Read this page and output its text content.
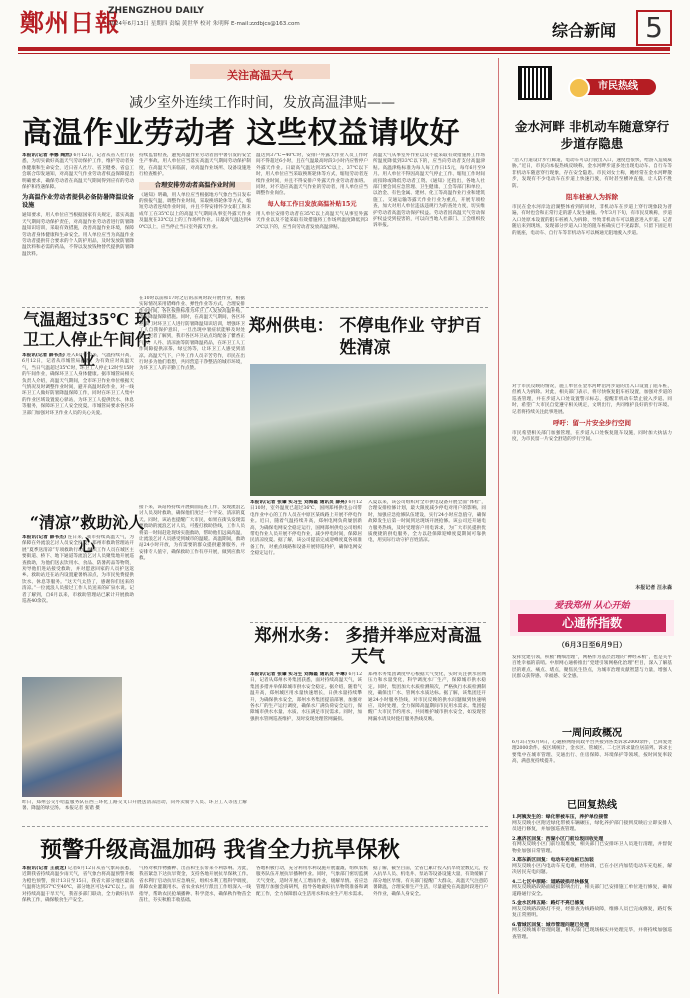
鄭州日報
ZHENGZHOU DAILY
2024年6月13日 星期四 责编 黄世华 校对 朱明辉 E-mail:zzdbjcs@163.com	综合新闻 5
关注高温天气
减少室外连续工作时间，发放高温津贴——
高温作业劳动者 这些权益请收好
本报讯(记者 李娜 陶然) 6月12日，记者从省人社厅获悉，为切实做好高温天气劳动保护工作，维护劳动者身体健康和生命安全，近日省人社厅、省卫健委、省总工会联合印发通知，对高温天气作业劳动者权益保障提出明确要求，确保劳动者在高温天气期间得到应有的劳动保护和待遇保障。
为高温作业劳动者提供必备防暑降温设备设施
通知要求，用人单位应当根据国家有关规定，落实高温天气期间劳动保护责任，对高温作业劳动者进行防暑降温知识培训，采取有效措施，改善高温作业环境，保障劳动者身体健康和生命安全。用人单位应当为高温作业劳动者提供符合要求的个人防护用品，及时发放防暑降温饮料和必需的药品，不得以发放钱物替代提供防暑降温饮料。
持续监督检查，避免高温作业劳动者因中暑引发的安全生产事故。用人单位应当落实高温天气期间劳动保护制度，在高温天气来临前，对高温作业场所、设备设施进行检查维护。
合理安排劳动者高温作业时间
《通知》明确，用人单位应当根据地方气象台当日发布的预报气温，调整作业时间，采取换班轮休等方式，缩短劳动者连续作业时间，并且不得安排怀孕女职工和未成年工在35℃以上的高温天气期间从事室外露天作业及温度在33℃以上的工作场所作业。日最高气温达到40℃以上，应当停止当日室外露天作业。
温达到37℃~40℃时，安排户外露天作业人员工作时间不得超过6小时，且在气温最高时段3小时内应暂停户外露天作业。日最高气温达到35℃以上、37℃以下时，用人单位应当采取换班轮休等方式，缩短劳动者连续作业时间，并且不得安排户外露天作业劳动者加班。同时，对不适应高温天气作业的劳动者，用人单位应当调整作业岗位。
每人每工作日发放高温补贴15元
用人单位安排劳动者在35℃以上高温天气从事室外露天作业以及不能采取有效措施将工作场所温度降低到33℃以下的，应当向劳动者发放高温津贴。
高温天气从事室外作业以及不能采取有效措施将工作场所温度降低到33℃以下的，应当向劳动者支付高温津贴。高温津贴标准为每人每工作日15元，每年6月至9月。用人单位不得因高温天气停止工作、缩短工作时间而扣除或降低劳动者工资。《通知》还指出，各地人社部门要会同应急管理、卫生健康、工会等部门和单位，以冶金、有色金属、建材、化工等高温作业行业和建筑施工、交通运输等露天作业行业为重点，开展专项检查，加大对用人单位违法违规行为的查处力度，切实维护劳动者高温劳动保护权益。劳动者因高温天气劳动保护权益受到侵害的，可以向当地人社部门、工会组织投诉举报。
气温超过35℃ 环卫工人停止午间作业
本报讯(记者 薛书杰) 进入6月份以来，气温持续升高，6月12日，记者从市城管局获悉，为有效应对高温天气，当日气温超过35℃时，环卫工人停止12时至15时的午间作业，确保环卫工人身体健康。据市城管局相关负责人介绍，高温天气期间，全市环卫作业单位根据天气情况及时调整作业时间，避开高温时段作业，对一线环卫工人做好防暑降温保障工作，同时在环卫工人集中的作业区域设置爱心驿站，为环卫工人提供饮水、休息等服务，保障环卫工人安全度夏。市城管局要求各区环卫部门加强对环卫作业人员的关心关爱。
在10时以前和17时之后的凉爽时段开展作业，根据实际情况采用错峰作业、弹性作业等方式，合理安排作业时间，各区按照标准为环卫工人发放高温补贴，落实降温保障措施。同时，在高温天气期间，各区环卫部门对环卫工人进行防暑降温知识培训，增强环卫工人自我保护意识，一旦出现中暑症状能够及时处置。记者了解到，我市各区环卫站点均配备了藿香正气水、人丹、清凉油等防暑降温药品，在环卫工人工作间隙提供凉茶、绿豆汤等，让环卫工人感受到清凉。高温天气下，户外工作人员辛苦劳作，市民在出行时多为他们着想，共同营造干净整洁的城市环境，为环卫工人的辛勤工作点赞。
“清凉”救助沁人心
本报讯(记者 薛书杰) 连日来，我市持续高温天气，为保障在外流浪乞讨人员安全度夏，郑州市救助管理站开展“夏季送清凉”专项救助行动，组织工作人员在城区主要街道、桥下、地下通道等流浪乞讨人员聚集地开展巡查救助，为他们送去饮用水、食品、防暑药品等物资，劝导他们进站接受救助，并对愿意回家的人员护送返乡。救助站还在站内设置避暑纳凉点，为市民免费提供饮水、休息等服务。“这天气太热了，感谢你们送来的清凉。”一位流浪人员接过工作人员送来的矿泉水说。记者了解到，自6月以来，市救助管理站已累计开展救助巡查40余次。
接下来，该站将持续开展街面巡查工作，发现流浪乞讨人员及时救助，确保他们度过一个平安、清凉的夏天。同时，该站也提醒广大市民，如果在街头发现需要救助的流浪乞讨人员，可拨打救助热线，工作人员将第一时间赶赴现场实施救助，帮助他们远离高温，让流浪乞讨人员感受到城市的温暖。高温期间，救助站24小时开放，为有需要的群众提供避暑服务，并安排专人值守，确保救助工作有序开展，做到应救尽救。
昨日，郑州公交小哈蓝服务队在西三环化工路交叉口开展送清凉活动，向外卖骑手人员、环卫工人等送上解暑、降温的绿豆汤。 本报记者 张锴 摄
郑州供电： 不停电作业 守护百姓清凉
本报讯(记者 张肇 实习生 刘海霞 通讯员 薛亮) 6月12日10时，室外温度已超过36℃，国网郑州供电公司带电作业中心的工作人员在中原区某线路上开展不停电作业。近日，随着气温持续升高，郑州电网负荷屡创新高，为确保电网安全稳定运行，国网郑州供电公司组织带电作业人员开展不停电作业，减少停电时间，保障居民清凉度夏。据了解，该公司提前完成迎峰度夏各项准备工作，对重点线路和设备开展特巡特护，确保电网安全稳定运行。
入夏以来，该公司组织对全市供电设备开展全面“体检”，合理安排检修计划，最大限度减少停电对用户的影响。同时，加强应急抢修队伍建设，实行24小时应急值守，确保故障发生后第一时间到达现场开展抢修。该公司还开通电力服务热线，及时受理客户用电诉求，为广大市民提供优质便捷的供电服务，全力以赴保障迎峰度夏期间可靠供电，用实际行动守护百姓清凉。
郑州水务： 多措并举应对高温天气
本报讯(记者 张肇 实习生 刘海霞 通讯员 平琳) 6月12日，记者从郑州水务集团获悉，面对持续高温天气，该集团多措并举保障城市供水安全稳定。据介绍，随着气温升高，郑州城区用水量快速增长，日供水量持续攀升，为确保供水安全，郑州水务集团提前部署，加强对各水厂的生产运行调度，确保水厂满负荷安全运行，保障城市供水水量、水质、水压满足市民需求。同时，加强供水管网巡查维护，及时发现处理管网漏损。
郑州水务集团调度中心根据天气变化，实时关注供水管网压力和水量变化，科学调度水厂生产，保障城市供水稳定。同时，集团加大水质检测频次，严格执行水质检测制度，确保出厂水、管网水水质达标。据了解，该集团还开通24小时服务热线，对市民反映的供水问题做到快速响应、及时处理，全力保障高温期间市民用水需求。集团提醒广大市民节约用水，共同维护城市供水安全，如发现管网漏水请及时拨打服务热线反映。
预警升级高温加码 我省全力抗旱保秋
本报讯(记者 王战龙) 记者6月12日从省气象局获悉，近期我省持续高温少雨天气，省气象台将高温预警升级为橙色预警，预计13日至15日，我省大部分地区最高气温将达到37℃至40℃，部分地区可达42℃以上。面对持续高温干旱天气，我省多部门联动，全力做好抗旱保秋工作，确保粮食生产安全。
气将对秋作物播种、出苗和生长带来不利影响。为此，我省紧急下达抗旱资金，支持各地开展抗旱保秋工作。省水利厅启动抗旱应急响应，组织水利工程科学调度，保障农业灌溉用水。省农业农村厅派出工作组深入一线指导，帮助农民抢墒播种、科学浇水，确保秋作物苗全苗壮，夯实秋粮丰收基础。
各地积极行动，充分利用水利设施开展灌溉，组织农机服务队伍开展抗旱播种作业。同时，气象部门密切监测天气变化，适时开展人工增雨作业，缓解旱情。省应急管理厅加强会商研判，指导各地做好抗旱物资准备和调配工作，全力保障群众生活用水和农业生产用水需求。
据了解，截至目前，全省已累计投入抗旱资金数亿元，投入抗旱人员、机电井、泵站等设备设施大量，有效缓解了部分地区旱情。有关部门提醒广大群众，高温天气注意防暑降温，合理安排生产生活，尽量避免在高温时段进行户外作业，确保人身安全。
市民热线
金水河畔 非机动车随意穿行步道存隐患
“沿人行道设计步行廊道，电动车可以行驶出入口，速度也很快，给游人造成威胁。”近日，市民向本报热线反映称，金水河畔步道多处出现电动车、自行车等非机动车随意穿行现象，存在安全隐患。市民刘女士称，她经常在金水河畔散步，发现有不少电动车在步道上快速行驶，有时甚至横冲直撞，让人防不胜防。
阻车桩被人为拆除
市民在金水河岸边沿湖整体看到的同时，非机动车在步道上穿行现象较为普遍，有时也会和正常行走的游人发生碰撞。今年3月下旬，有市民反映称，步道入口处原本设置的阻车桩被人为拆除，导致非机动车可以随意进入步道。记者随后来到现场，发现部分步道入口处的阻车桩确实已不见踪影，只留下固定用的底座，电动车、自行车等非机动车可以畅通无阻地驶入步道。
对于市民反映的情况，施工单位在金水河畔沿河步道的出入口设置了阻车桩，但被人为拆除。对此，相关部门表示，将尽快恢复阻车桩设置，加强对步道的巡查管理，并在步道入口处设置警示标志，提醒非机动车禁止驶入步道。同时，希望广大市民自觉遵守相关规定，文明出行，共同维护良好的步行环境。记者将持续关注此事进展。
呼吁：留一片安全步行空间
市民希望相关部门加强管理，在步道入口处恢复阻车设施，同时加大执法力度，为市民留一片安全舒适的步行空间。
本报记者 汪永森
爱我郑州 从心开始
心通桥指数
（6月3日至6月9日）
发挥党建引领，积极“精细治理”，网格作为基层治理的“神经末梢”，也是关乎百姓幸福的前哨。中原网心通桥推出“党建引领网格化治理”栏目，深入了解基层的难点、痛点、堵点，聚焦民生热点，为城市治理贡献智慧与力量，增强人民群众获得感、幸福感、安全感。
一周问政概况
6月3日至6月9日，心通桥网络问政平台共接到各类诉求2000余件，已回复处理2000余件。按区域统计，金水区、管城区、二七区诉求量位居前列。诉求主要集中在城市管理、交通出行、住房保障、环境保护等领域，按时回复率较高，满意度持续提升。
已回复热线
1.阿姨发生的：绿化带被车压，养护单位接管
网友反映小区附近绿化带被车辆碾压，绿化养护部门接到反映后立即安排人员进行修复，并加强巡查管理。
2.惠济区回复：西湖小区门前垃圾回收处理
有网友反映小区门前垃圾堆放，相关部门已安排环卫人员进行清理，并督促物业加强日常管理。
3.郑东新区回复：电动车充电桩已加装
网友反映小区内电动车充电难，经协调，已在小区内加装电动车充电桩，解决居民充电问题。
4.二七区中原路：道路破损尽快修复
网友反映路段路面破损影响出行，相关部门已安排施工单位进行修复，确保道路通行安全。
5.金水区纬五路：路灯不亮已修复
网友反映路段路灯不亮，经排查为线路故障，维修人员已完成修复，路灯恢复正常照明。
6.管城区回复：城市管理问题已处理
网友反映城市管理问题，相关部门已现场核实并处理完毕，并将持续加强巡查管理。
